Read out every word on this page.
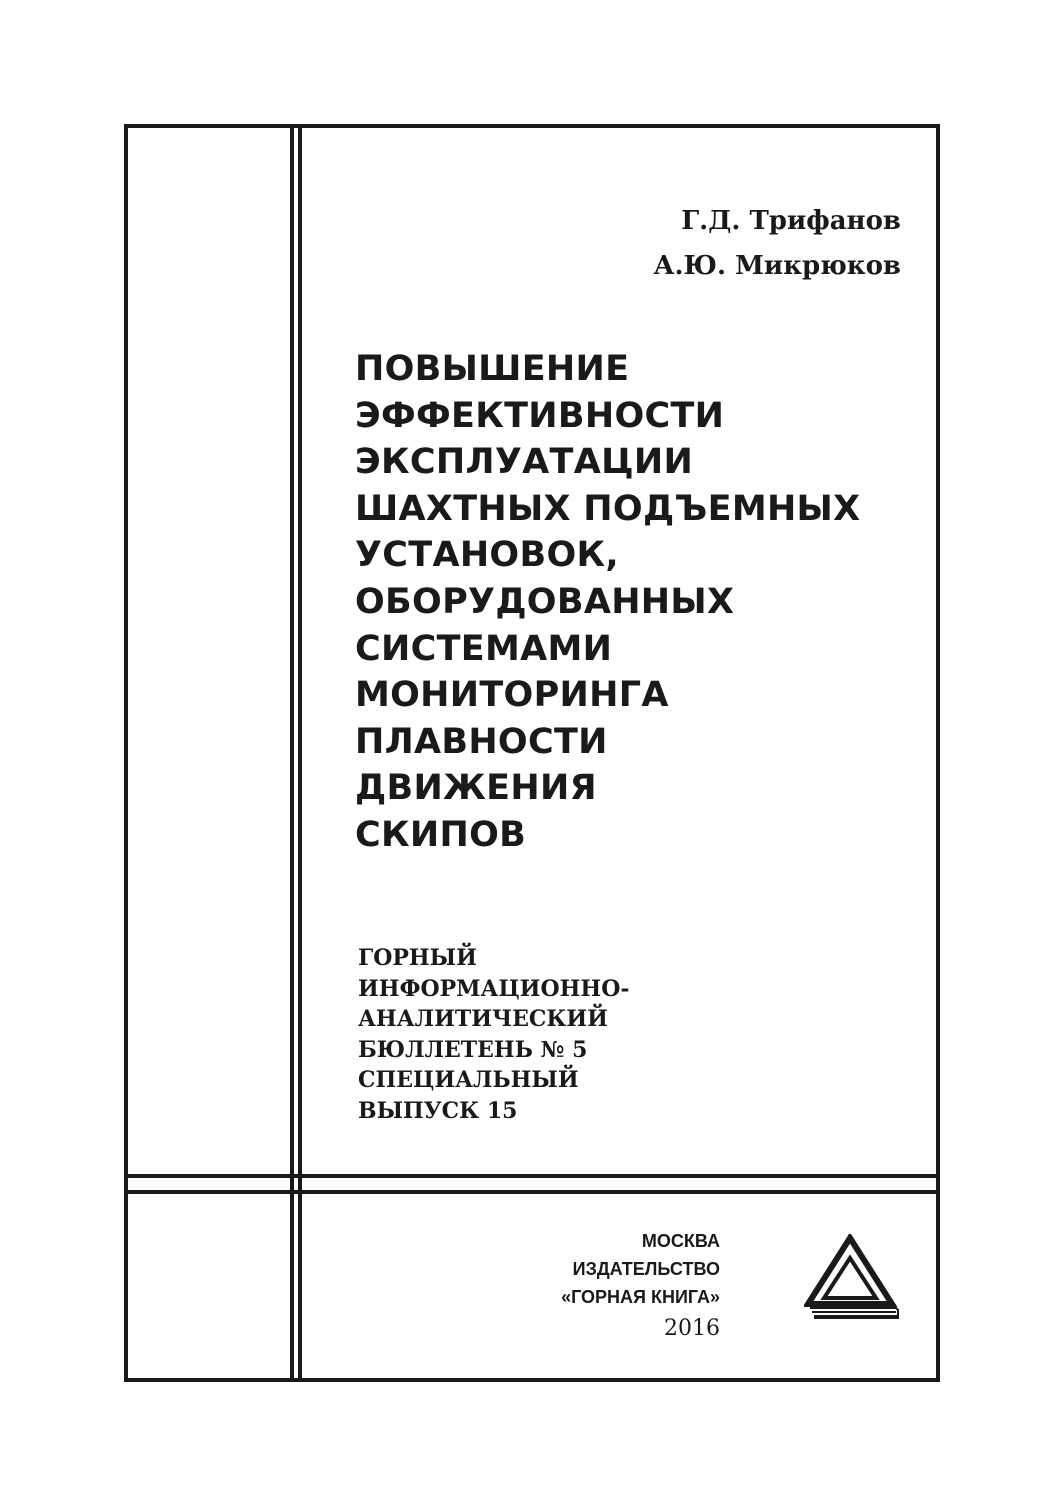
Г.Д. Трифанов
А.Ю. Микрюков
ПОВЫШЕНИЕ
ЭФФЕКТИВНОСТИ
ЭКСПЛУАТАЦИИ
ШАХТНЫХ ПОДЪЕМНЫХ
УСТАНОВОК,
ОБОРУДОВАННЫХ
СИСТЕМАМИ
МОНИТОРИНГА
ПЛАВНОСТИ
ДВИЖЕНИЯ
СКИПОВ
ГОРНЫЙ
ИНФОРМАЦИОННО-
АНАЛИТИЧЕСКИЙ
БЮЛЛЕТЕНЬ № 5
СПЕЦИАЛЬНЫЙ
ВЫПУСК 15
МОСКВА
ИЗДАТЕЛЬСТВО
«ГОРНАЯ КНИГА»
2016
